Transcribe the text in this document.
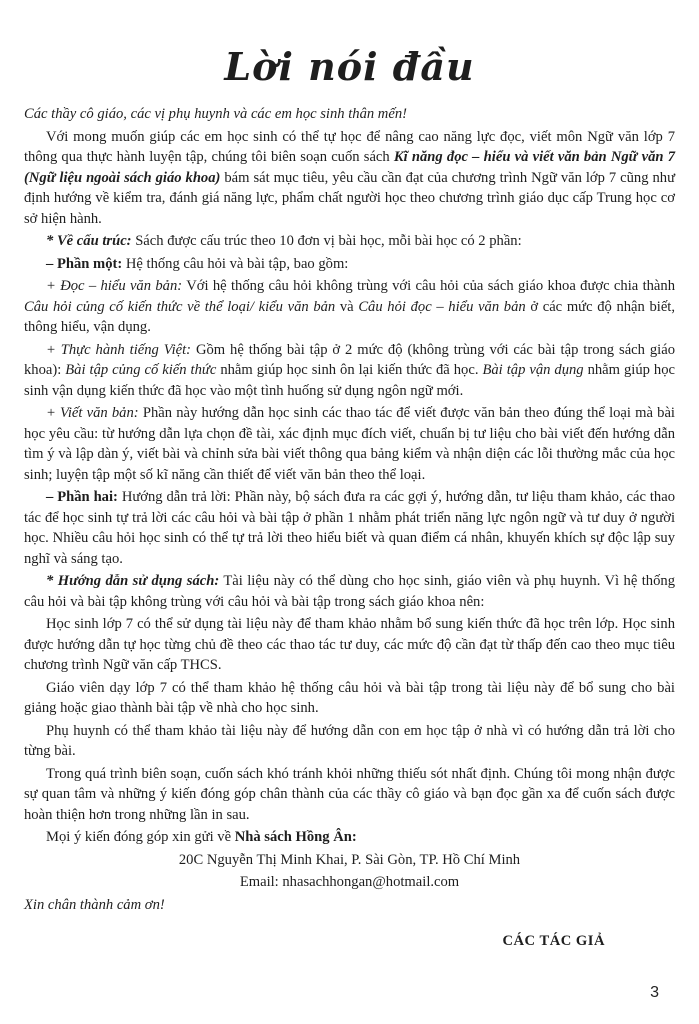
Lời nói đầu

Các thầy cô giáo, các vị phụ huynh và các em học sinh thân mến!

Với mong muốn giúp các em học sinh có thể tự học để nâng cao năng lực đọc, viết môn Ngữ văn lớp 7 thông qua thực hành luyện tập, chúng tôi biên soạn cuốn sách Kĩ năng đọc – hiểu và viết văn bản Ngữ văn 7 (Ngữ liệu ngoài sách giáo khoa) bám sát mục tiêu, yêu cầu cần đạt của chương trình Ngữ văn lớp 7 cũng như định hướng về kiểm tra, đánh giá năng lực, phẩm chất người học theo chương trình giáo dục cấp Trung học cơ sở hiện hành.

* Về cấu trúc: Sách được cấu trúc theo 10 đơn vị bài học, mỗi bài học có 2 phần:

– Phần một: Hệ thống câu hỏi và bài tập, bao gồm:

+ Đọc – hiểu văn bản: Với hệ thống câu hỏi không trùng với câu hỏi của sách giáo khoa được chia thành Câu hỏi củng cố kiến thức về thể loại/ kiểu văn bản và Câu hỏi đọc – hiểu văn bản ở các mức độ nhận biết, thông hiểu, vận dụng.

+ Thực hành tiếng Việt: Gồm hệ thống bài tập ở 2 mức độ (không trùng với các bài tập trong sách giáo khoa): Bài tập củng cố kiến thức nhằm giúp học sinh ôn lại kiến thức đã học. Bài tập vận dụng nhằm giúp học sinh vận dụng kiến thức đã học vào một tình huống sử dụng ngôn ngữ mới.

+ Viết văn bản: Phần này hướng dẫn học sinh các thao tác để viết được văn bản theo đúng thể loại mà bài học yêu cầu: từ hướng dẫn lựa chọn đề tài, xác định mục đích viết, chuẩn bị tư liệu cho bài viết đến hướng dẫn tìm ý và lập dàn ý, viết bài và chỉnh sửa bài viết thông qua bảng kiểm và nhận diện các lỗi thường mắc của học sinh; luyện tập một số kĩ năng cần thiết để viết văn bản theo thể loại.

– Phần hai: Hướng dẫn trả lời: Phần này, bộ sách đưa ra các gợi ý, hướng dẫn, tư liệu tham khảo, các thao tác để học sinh tự trả lời các câu hỏi và bài tập ở phần 1 nhằm phát triển năng lực ngôn ngữ và tư duy ở người học. Nhiều câu hỏi học sinh có thể tự trả lời theo hiểu biết và quan điểm cá nhân, khuyến khích sự độc lập suy nghĩ và sáng tạo.

* Hướng dẫn sử dụng sách: Tài liệu này có thể dùng cho học sinh, giáo viên và phụ huynh. Vì hệ thống câu hỏi và bài tập không trùng với câu hỏi và bài tập trong sách giáo khoa nên:

Học sinh lớp 7 có thể sử dụng tài liệu này để tham khảo nhằm bổ sung kiến thức đã học trên lớp. Học sinh được hướng dẫn tự học từng chủ đề theo các thao tác tư duy, các mức độ cần đạt từ thấp đến cao theo mục tiêu chương trình Ngữ văn cấp THCS.

Giáo viên dạy lớp 7 có thể tham khảo hệ thống câu hỏi và bài tập trong tài liệu này để bổ sung cho bài giảng hoặc giao thành bài tập về nhà cho học sinh.

Phụ huynh có thể tham khảo tài liệu này để hướng dẫn con em học tập ở nhà vì có hướng dẫn trả lời cho từng bài.

Trong quá trình biên soạn, cuốn sách khó tránh khỏi những thiếu sót nhất định. Chúng tôi mong nhận được sự quan tâm và những ý kiến đóng góp chân thành của các thầy cô giáo và bạn đọc gần xa để cuốn sách được hoàn thiện hơn trong những lần in sau.

Mọi ý kiến đóng góp xin gửi về Nhà sách Hồng Ân:

20C Nguyễn Thị Minh Khai, P. Sài Gòn, TP. Hồ Chí Minh

Email: nhasachhongan@hotmail.com

Xin chân thành cảm ơn!

CÁC TÁC GIẢ

3
